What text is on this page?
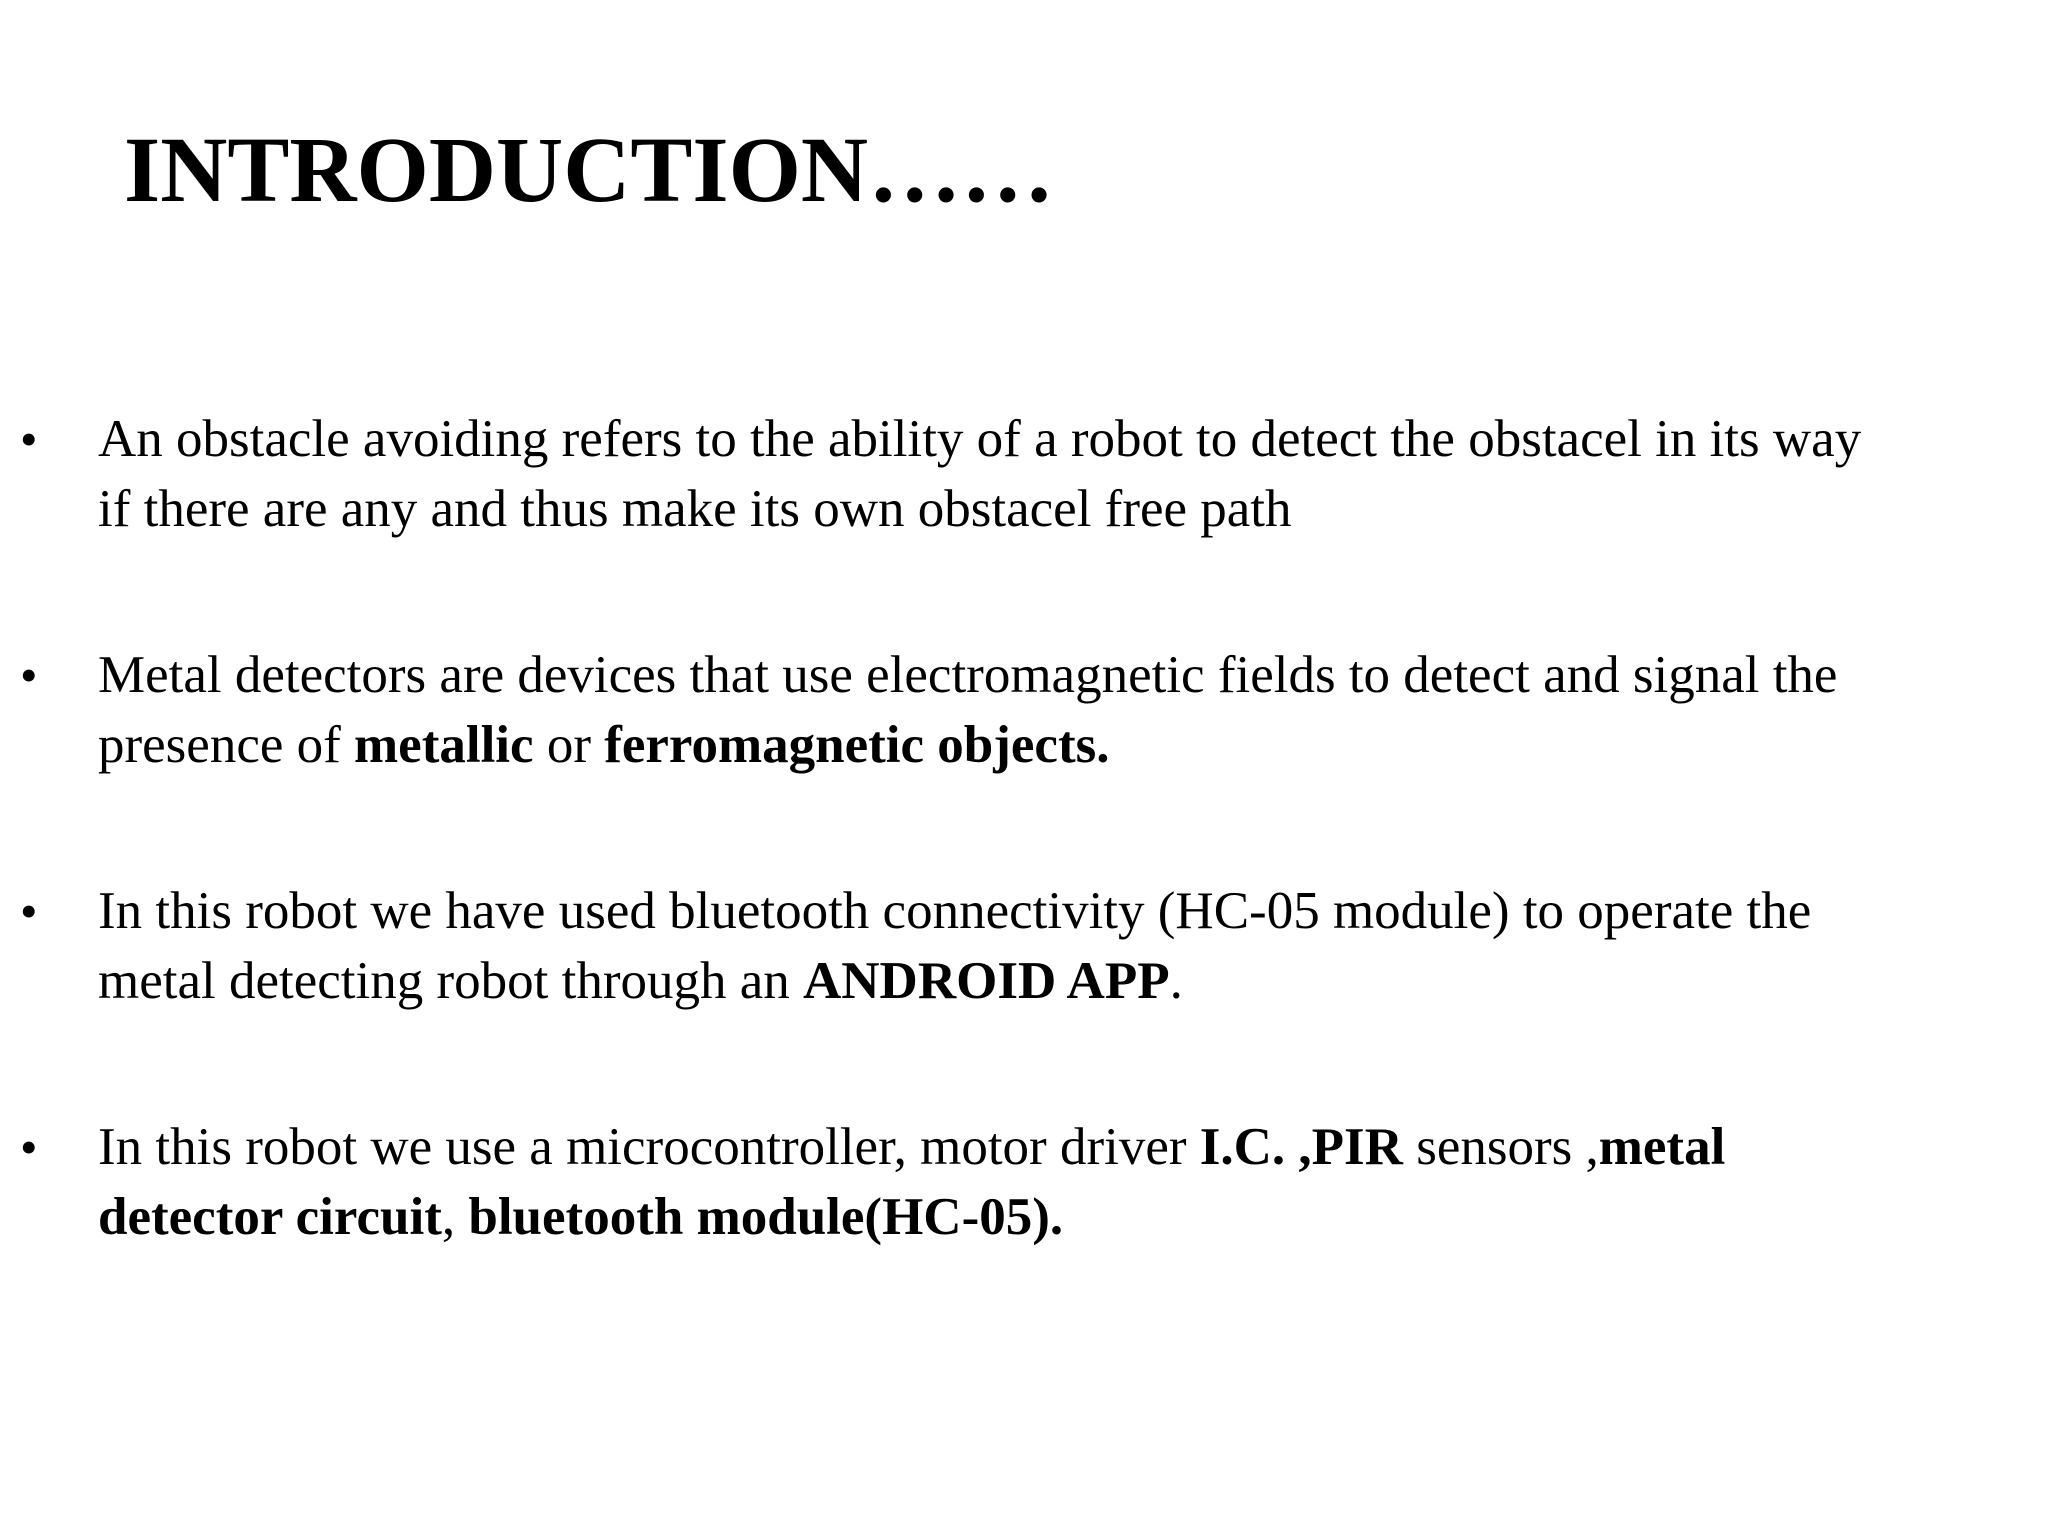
INTRODUCTION……
• An obstacle avoiding refers to the ability of a robot to detect the obstacel in its way
if there are any and thus make its own obstacel free path
• Metal detectors are devices that use electromagnetic fields to detect and signal the
presence of metallic or ferromagnetic objects.
• In this robot we have used bluetooth connectivity (HC-05 module) to operate the
metal detecting robot through an ANDROID APP.
• In this robot we use a microcontroller, motor driver I.C. ,PIR sensors ,metal
detector circuit, bluetooth module(HC-05).
